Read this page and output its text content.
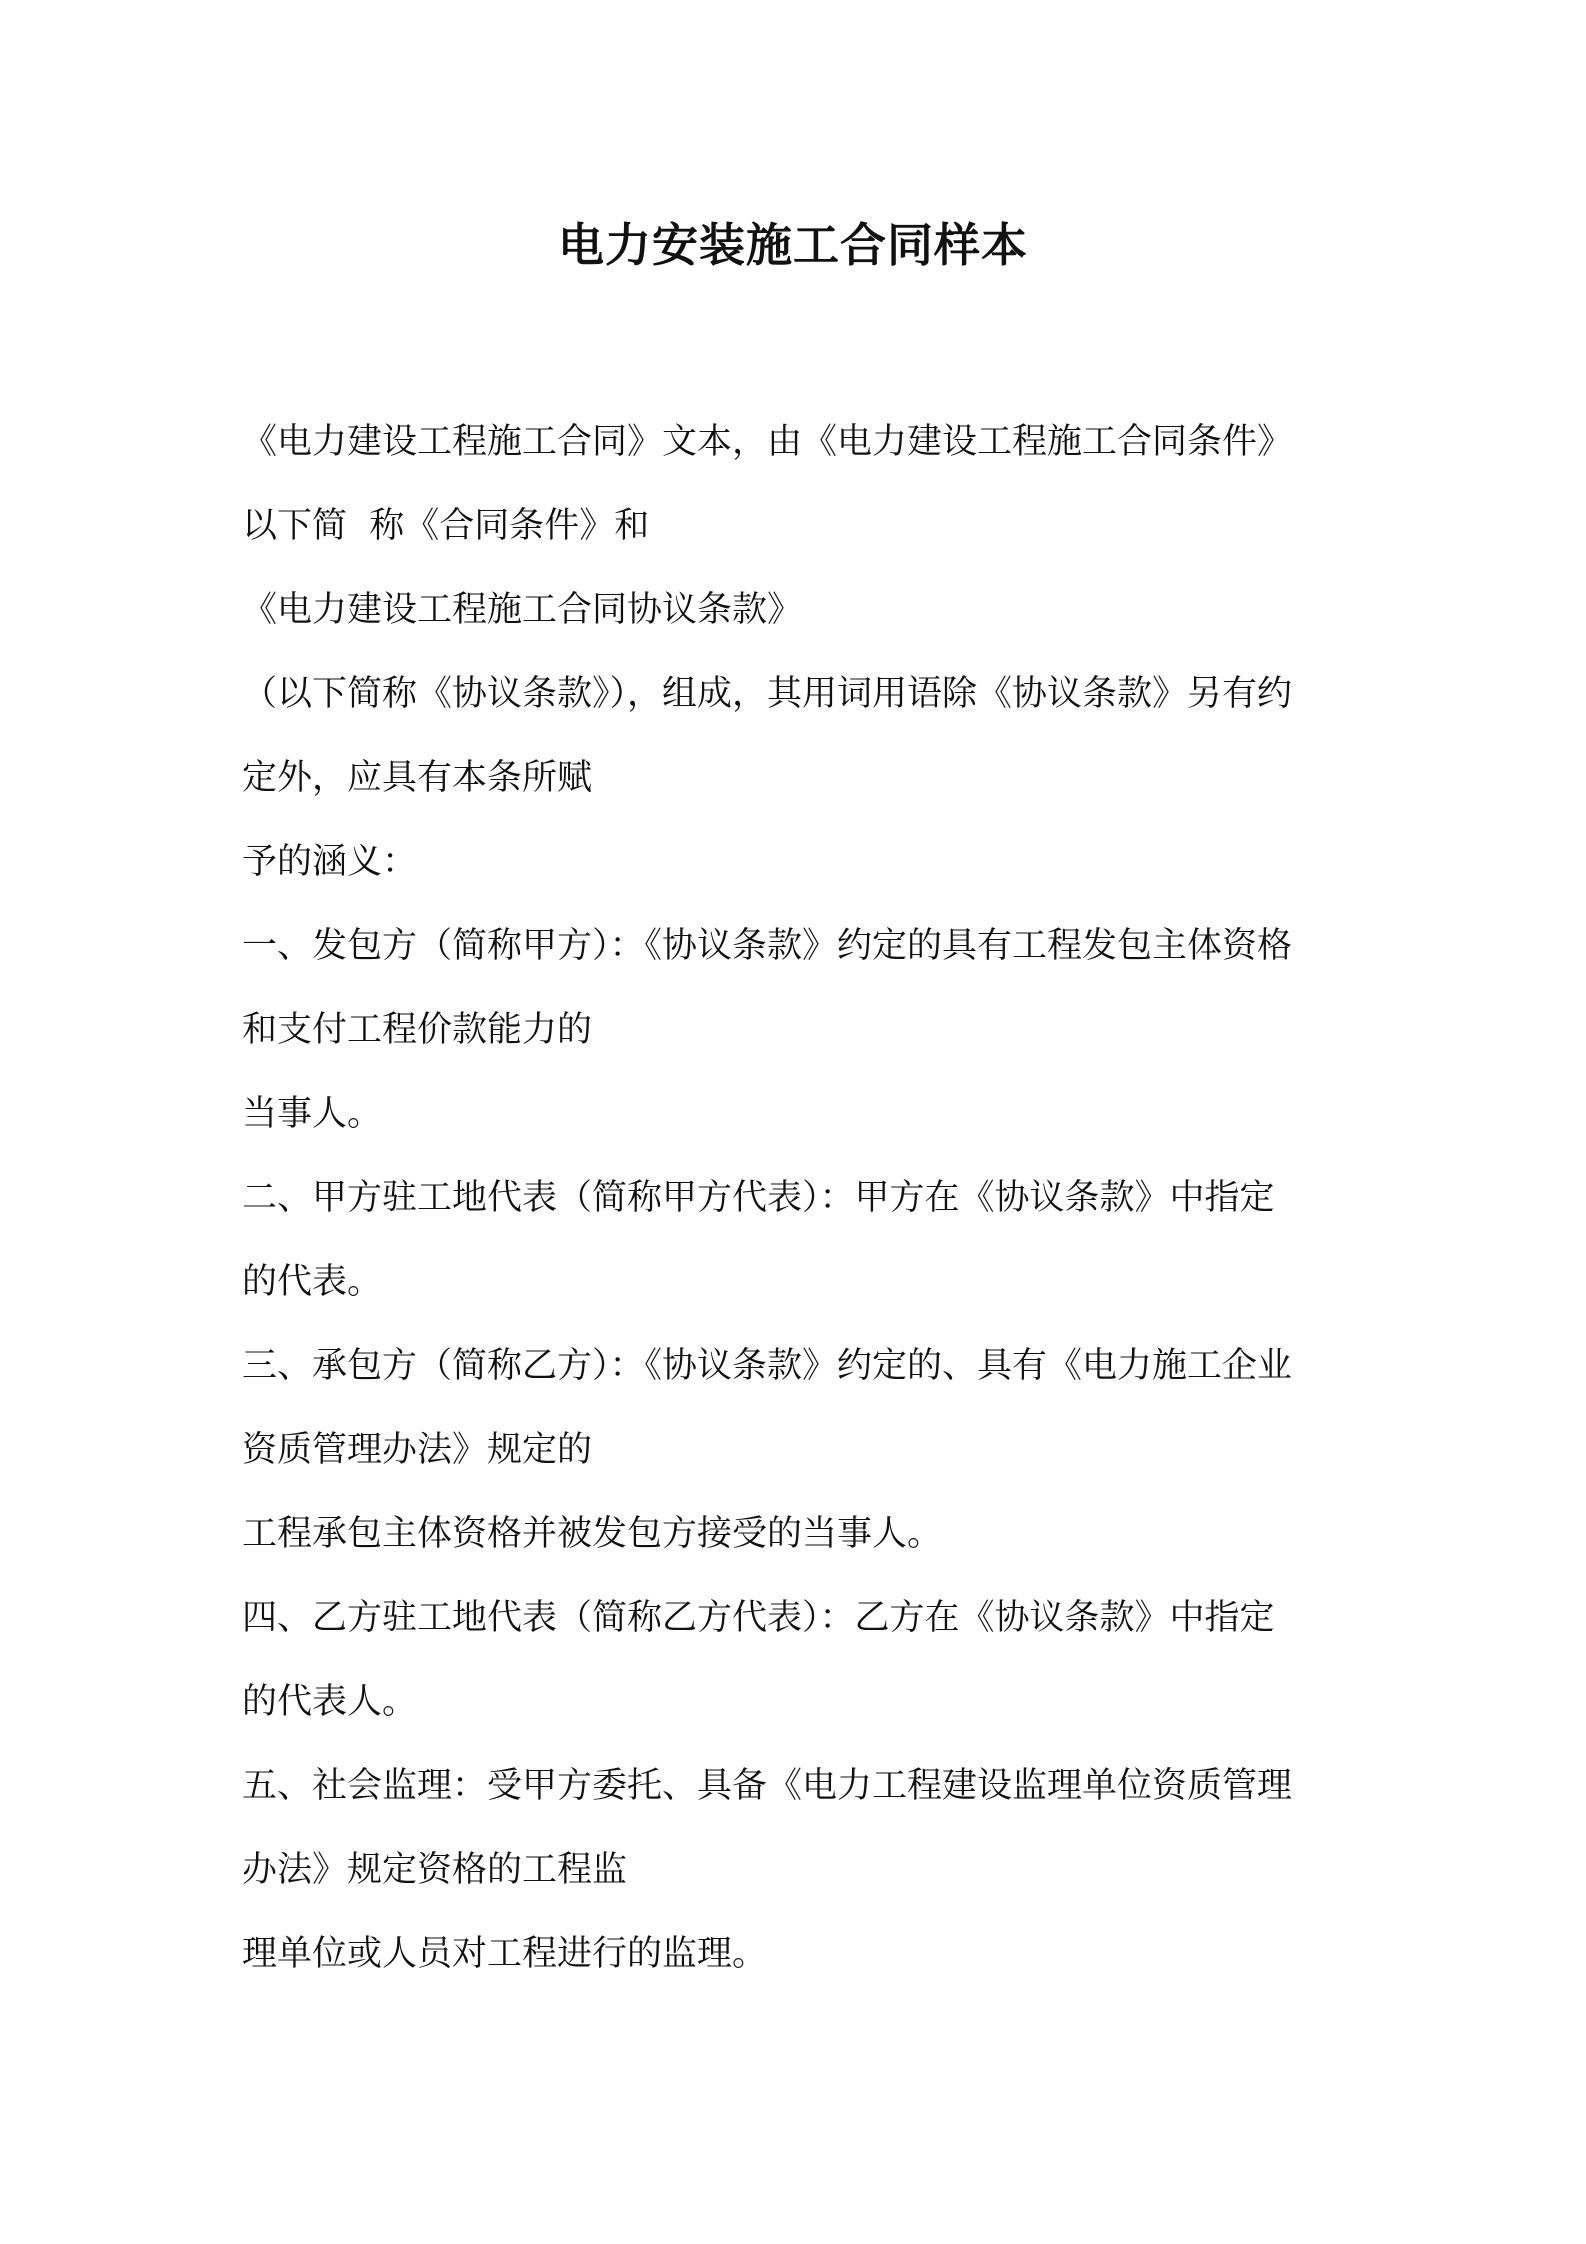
电力安装施工合同样本

《电力建设工程施工合同》文本，由《电力建设工程施工合同条件》

以下简  称《合同条件》和

《电力建设工程施工合同协议条款》

（以下简称《协议条款》），组成，其用词用语除《协议条款》另有约

定外，应具有本条所赋

予的涵义：

一、发包方（简称甲方）：《协议条款》约定的具有工程发包主体资格

和支付工程价款能力的

当事人。

二、甲方驻工地代表（简称甲方代表）：甲方在《协议条款》中指定

的代表。

三、承包方（简称乙方）：《协议条款》约定的、具有《电力施工企业

资质管理办法》规定的

工程承包主体资格并被发包方接受的当事人。

四、乙方驻工地代表（简称乙方代表）：乙方在《协议条款》中指定

的代表人。

五、社会监理：受甲方委托、具备《电力工程建设监理单位资质管理

办法》规定资格的工程监

理单位或人员对工程进行的监理。
